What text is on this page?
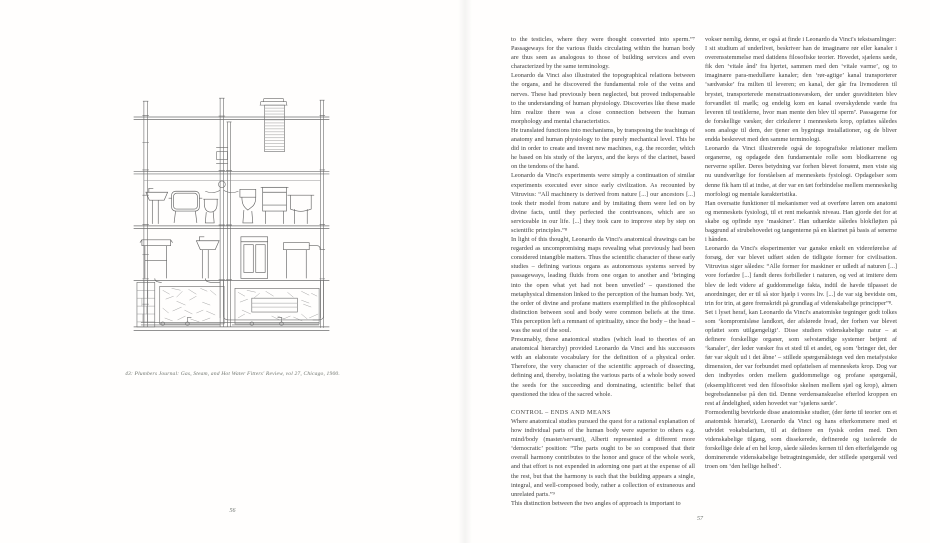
43: Plumbers Journal: Gas, Steam, and Hot Water Fitters' Review, vol 27, Chicago, 1900.
56

to the testicles, where they were thought converted into sperm.”⁷ Passageways for the various fluids circulating within the human body are thus seen as analogous to those of building services and even characterized by the same terminology.

Leonardo da Vinci also illustrated the topographical relations between the organs, and he discovered the fundamental role of the veins and nerves. These had previously been neglected, but proved indispensable to the understanding of human physiology. Discoveries like these made him realize there was a close connection between the human morphology and mental characteristics.

He translated functions into mechanisms, by transposing the teachings of anatomy and human physiology to the purely mechanical level. This he did in order to create and invent new machines, e.g. the recorder, which he based on his study of the larynx, and the keys of the clarinet, based on the tendons of the hand.

Leonardo da Vinci's experiments were simply a continuation of similar experiments executed ever since early civilization. As recounted by Vitruvius: “All machinery is derived from nature [...] our ancestors [...] took their model from nature and by imitating them were led on by divine facts, until they perfected the contrivances, which are so serviceable in our life. [...] they took care to improve step by step on scientific principles.”⁸

In light of this thought, Leonardo da Vinci's anatomical drawings can be regarded as uncompromising maps revealing what previously had been considered intangible matters. Thus the scientific character of these early studies – defining various organs as autonomous systems served by passageways, leading fluids from one organ to another and ‘bringing into the open what yet had not been unveiled’ – questioned the metaphysical dimension linked to the perception of the human body. Yet, the order of divine and profane matters exemplified in the philosophical distinction between soul and body were common beliefs at the time. This perception left a remnant of spirituality, since the body – the head – was the seat of the soul.

Presumably, these anatomical studies (which lead to theories of an anatomical hierarchy) provided Leonardo da Vinci and his successors with an elaborate vocabulary for the definition of a physical order. Therefore, the very character of the scientific approach of dissecting, defining and, thereby, isolating the various parts of a whole body sowed the seeds for the succeeding and dominating, scientific belief that questioned the idea of the sacred whole.

CONTROL – ENDS AND MEANS

Where anatomical studies pursued the quest for a rational explanation of how individual parts of the human body were superior to others e.g. mind/body (master/servant), Alberti represented a different more ‘democratic’ position: “The parts ought to be so composed that their overall harmony contributes to the honor and grace of the whole work, and that effort is not expended in adorning one part at the expense of all the rest, but that the harmony is such that the building appears a single, integral, and well-composed body, rather a collection of extraneous and unrelated parts.”⁹

This distinction between the two angles of approach is important to

vokser nemlig, denne, er også at finde i Leonardo da Vinci's tekstsamlinger:

I sit studium af underlivet, beskriver han de imaginære rør eller kanaler i overensstemmelse med datidens filosofiske teorier. Hovedet, sjælens sæde, fik den ‘vitale ånd’ fra hjertet, sammen med den ‘vitale varme’, og to imaginære para-medullære kanaler; den ‘rør-agtige’ kanal transporterer ‘sædvæske’ fra milten til leveren; en kanal, der går fra livmoderen til brystet, transporterede menstruationsvæsken, der under graviditeten blev forvandlet til mælk; og endelig kom en kanal overskydende væde fra leveren til testiklerne, hvor man mente den blev til sperm⁷. Passagerne for de forskellige væsker, der cirkulerer i menneskets krop, opfattes således som analoge til dem, der tjener en bygnings installationer, og de bliver endda beskrevet med den samme terminologi.

Leonardo da Vinci illustrerede også de topografiske relationer mellem organerne, og opdagede den fundamentale rolle som blodkarrene og nerverne spiller. Deres betydning var forhen blevet forsømt, men viste sig nu uundværlige for forståelsen af menneskets fysiologi. Opdagelser som denne fik ham til at indse, at der var en tæt forbindelse mellem menneskelig morfologi og mentale karakteristika.

Han oversatte funktioner til mekanismer ved at overføre læren om anatomi og menneskets fysiologi, til et rent mekanisk niveau. Han gjorde det for at skabe og opfinde nye ‘maskiner’. Han udtænkte således blokfløjten på baggrund af strubehovedet og tangenterne på en klarinet på basis af senerne i hånden.

Leonardo da Vinci's eksperimenter var ganske enkelt en videreførelse af forsøg, der var blevet udført siden de tidligste former for civilisation. Vitruvius siger således: “Alle former for maskiner er udledt af naturen [...] vore forfædre [...] fandt deres forbilleder i naturen, og ved at imitere dem blev de ledt videre af guddommelige fakta, indtil de havde tilpasset de anordninger, der er til så stor hjælp i vores liv. [...] de var sig bevidste om, trin for trin, at gøre fremskridt på grundlag af videnskabelige principper”⁸.

Set i lyset heraf, kan Leonardo da Vinci's anatomiske tegninger godt tolkes som ‘kompromisløse landkort, der afslørede hvad, der forhen var blevet opfattet som utilgængeligt’. Disse studiers videnskabelige natur – at definere forskellige organer, som selvstændige systemer betjent af ‘kanaler’, der leder væsker fra et sted til et andet, og som ‘bringer det, der før var skjult ud i det åbne’ – stillede spørgsmålstegn ved den metafysiske dimension, der var forbundet med opfattelsen af menneskets krop. Dog var den indbyrdes orden mellem guddommelige og profane spørgsmål, (eksemplificeret ved den filosofiske skelnen mellem sjæl og krop), almen begrebsdannelse på den tid. Denne verdensanskuelse efterlod kroppen en rest af åndelighed, siden hovedet var ‘sjælens sæde’.

Formodentlig bevirkede disse anatomiske studier, (der førte til teorier om et anatomisk hierarki), Leonardo da Vinci og hans efterkommere med et udvidet vokabularium, til at definere en fysisk orden med. Den videnskabelige tilgang, som dissekerede, definerede og isolerede de forskellige dele af en hel krop, såede således kernen til den efterfølgende og dominerende videnskabelige betragtningsmåde, der stillede spørgsmål ved troen om ‘den hellige helhed’.

57
